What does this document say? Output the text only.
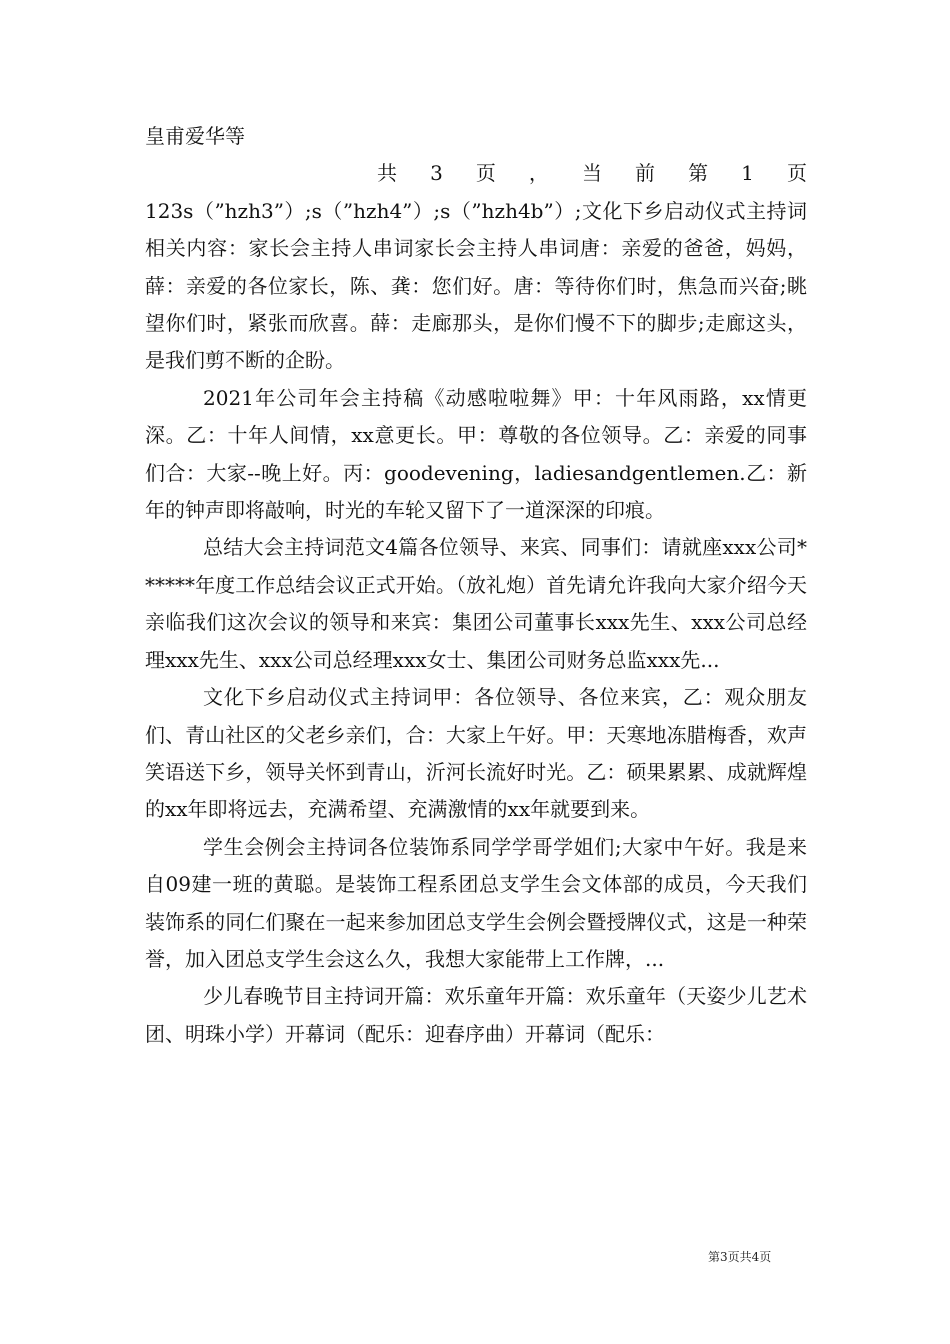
皇甫爱华等

共 3 页 ， 当 前 第 1 页

123s（”hzh3”）;s（”hzh4”）;s（”hzh4b”）;文化下乡启动仪式主持词相关内容：家长会主持人串词家长会主持人串词唐：亲爱的爸爸，妈妈，薛：亲爱的各位家长，陈、龚：您们好。唐：等待你们时，焦急而兴奋;眺望你们时，紧张而欣喜。薛：走廊那头，是你们慢不下的脚步;走廊这头，是我们剪不断的企盼。

2021年公司年会主持稿《动感啦啦舞》甲：十年风雨路，xx情更深。乙：十年人间情，xx意更长。甲：尊敬的各位领导。乙：亲爱的同事们合：大家--晚上好。丙：goodevening，ladiesandgentlemen.乙：新年的钟声即将敲响，时光的车轮又留下了一道深深的印痕。

总结大会主持词范文4篇各位领导、来宾、同事们：请就座xxx公司******年度工作总结会议正式开始。（放礼炮）首先请允许我向大家介绍今天亲临我们这次会议的领导和来宾：集团公司董事长xxx先生、xxx公司总经理xxx先生、xxx公司总经理xxx女士、集团公司财务总监xxx先...

文化下乡启动仪式主持词甲：各位领导、各位来宾，乙：观众朋友们、青山社区的父老乡亲们，合：大家上午好。甲：天寒地冻腊梅香，欢声笑语送下乡，领导关怀到青山，沂河长流好时光。乙：硕果累累、成就辉煌的xx年即将远去，充满希望、充满激情的xx年就要到来。

学生会例会主持词各位装饰系同学学哥学姐们;大家中午好。我是来自09建一班的黄聪。是装饰工程系团总支学生会文体部的成员，今天我们装饰系的同仁们聚在一起来参加团总支学生会例会暨授牌仪式，这是一种荣誉，加入团总支学生会这么久，我想大家能带上工作牌，...

少儿春晚节目主持词开篇：欢乐童年开篇：欢乐童年（天姿少儿艺术团、明珠小学）开幕词（配乐：迎春序曲）开幕词（配乐：

第3页共4页
